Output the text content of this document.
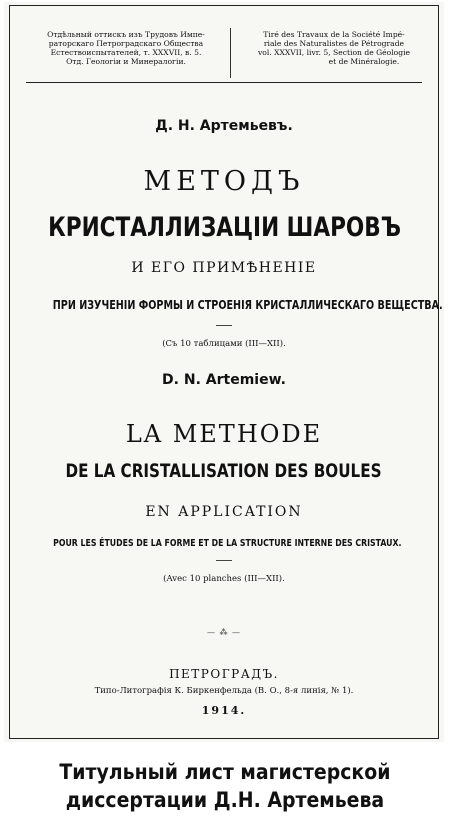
Отдѣльный оттискъ изъ Трудовъ Импе-
раторскаго Петроградскаго Общества
Естествоиспытателей, т. XXXVII, в. 5.
Отд. Геологіи и Минералогіи.
Tiré des Travaux de la Société Impé-
riale des Naturalistes de Pétrograde
vol. XXXVII, livr. 5, Section de Géologie
et de Minéralogie.
Д. Н. Артемьевъ.
МЕТОДЪ
КРИСТАЛЛИЗАЦІИ ШАРОВЪ
И ЕГО ПРИМѢНЕНІЕ
ПРИ ИЗУЧЕНІИ ФОРМЫ И СТРОЕНІЯ КРИСТАЛЛИЧЕСКАГО ВЕЩЕСТВА.
(Съ 10 таблицами (III—XII).
D. N. Artemiew.
LA METHODE
DE LA CRISTALLISATION DES BOULES
EN APPLICATION
POUR LES ÉTUDES DE LA FORME ET DE LA STRUCTURE INTERNE DES CRISTAUX.
(Avec 10 planches (III—XII).
— ⁂ —
ПЕТРОГРАДЪ.
Типо-Литографія К. Биркенфельда (В. О., 8-я линія, № 1).
1914.
Титульный лист магистерской
диссертации Д.Н. Артемьева
